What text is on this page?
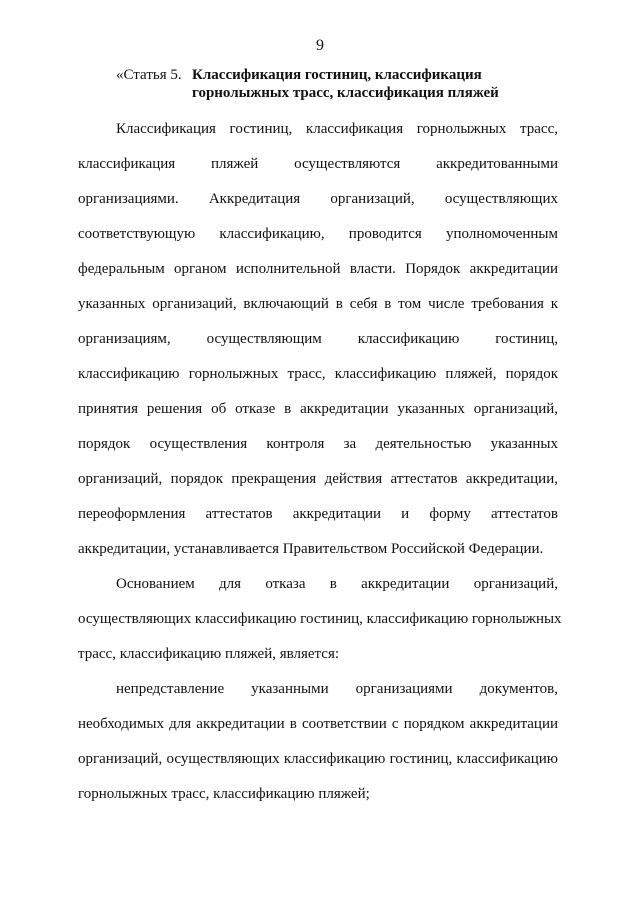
9
«Статья 5. Классификация гостиниц, классификация
горнолыжных трасс, классификация пляжей
Классификация гостиниц, классификация горнолыжных трасс,
классификация пляжей осуществляются аккредитованными
организациями. Аккредитация организаций, осуществляющих
соответствующую классификацию, проводится уполномоченным
федеральным органом исполнительной власти. Порядок аккредитации
указанных организаций, включающий в себя в том числе требования к
организациям, осуществляющим классификацию гостиниц,
классификацию горнолыжных трасс, классификацию пляжей, порядок
принятия решения об отказе в аккредитации указанных организаций,
порядок осуществления контроля за деятельностью указанных
организаций, порядок прекращения действия аттестатов аккредитации,
переоформления аттестатов аккредитации и форму аттестатов
аккредитации, устанавливается Правительством Российской Федерации.
Основанием для отказа в аккредитации организаций,
осуществляющих классификацию гостиниц, классификацию горнолыжных
трасс, классификацию пляжей, является:
непредставление указанными организациями документов,
необходимых для аккредитации в соответствии с порядком аккредитации
организаций, осуществляющих классификацию гостиниц, классификацию
горнолыжных трасс, классификацию пляжей;
